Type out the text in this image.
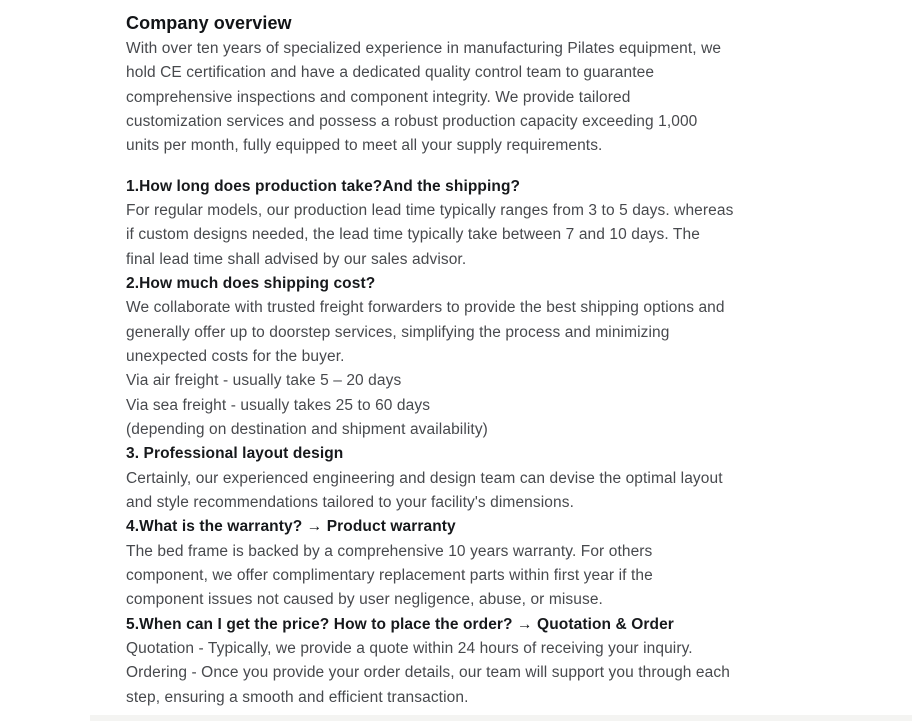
Company overview
With over ten years of specialized experience in manufacturing Pilates equipment, we
hold CE certification and have a dedicated quality control team to guarantee
comprehensive inspections and component integrity. We provide tailored
customization services and possess a robust production capacity exceeding 1,000
units per month, fully equipped to meet all your supply requirements.
1.How long does production take?And the shipping?
For regular models, our production lead time typically ranges from 3 to 5 days. whereas
if custom designs needed, the lead time typically take between 7 and 10 days. The
final lead time shall advised by our sales advisor.
2.How much does shipping cost?
We collaborate with trusted freight forwarders to provide the best shipping options and
generally offer up to doorstep services, simplifying the process and minimizing
unexpected costs for the buyer.
Via air freight - usually take 5 – 20 days
Via sea freight - usually takes 25 to 60 days
(depending on destination and shipment availability)
3. Professional layout design
Certainly, our experienced engineering and design team can devise the optimal layout
and style recommendations tailored to your facility's dimensions.
4.What is the warranty? → Product warranty
The bed frame is backed by a comprehensive 10 years warranty. For others
component, we offer complimentary replacement parts within first year if the
component issues not caused by user negligence, abuse, or misuse.
5.When can I get the price? How to place the order? → Quotation & Order
Quotation - Typically, we provide a quote within 24 hours of receiving your inquiry.
Ordering - Once you provide your order details, our team will support you through each
step, ensuring a smooth and efficient transaction.
